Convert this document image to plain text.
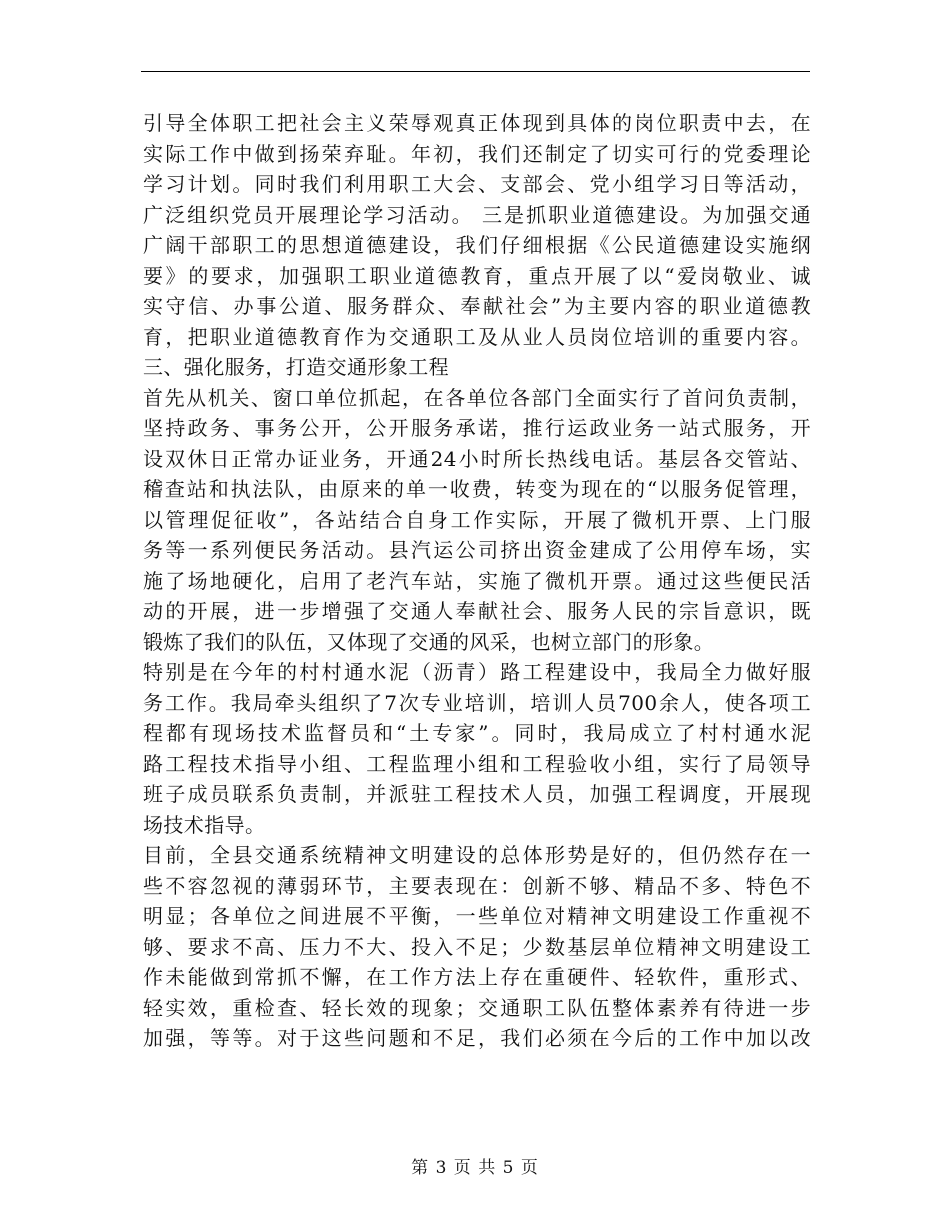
引导全体职工把社会主义荣辱观真正体现到具体的岗位职责中去，在
实际工作中做到扬荣弃耻。年初，我们还制定了切实可行的党委理论
学习计划。同时我们利用职工大会、支部会、党小组学习日等活动，
广泛组织党员开展理论学习活动。 三是抓职业道德建设。为加强交通
广阔干部职工的思想道德建设，我们仔细根据《公民道德建设实施纲
要》的要求，加强职工职业道德教育，重点开展了以“爱岗敬业、诚
实守信、办事公道、服务群众、奉献社会”为主要内容的职业道德教
育，把职业道德教育作为交通职工及从业人员岗位培训的重要内容。
三、强化服务，打造交通形象工程
首先从机关、窗口单位抓起，在各单位各部门全面实行了首问负责制，
坚持政务、事务公开，公开服务承诺，推行运政业务一站式服务，开
设双休日正常办证业务，开通24小时所长热线电话。基层各交管站、
稽查站和执法队，由原来的单一收费，转变为现在的“以服务促管理，
以管理促征收”，各站结合自身工作实际，开展了微机开票、上门服
务等一系列便民务活动。县汽运公司挤出资金建成了公用停车场，实
施了场地硬化，启用了老汽车站，实施了微机开票。通过这些便民活
动的开展，进一步增强了交通人奉献社会、服务人民的宗旨意识，既
锻炼了我们的队伍，又体现了交通的风采，也树立部门的形象。
特别是在今年的村村通水泥（沥青）路工程建设中，我局全力做好服
务工作。我局牵头组织了7次专业培训，培训人员700余人，使各项工
程都有现场技术监督员和“土专家”。同时，我局成立了村村通水泥
路工程技术指导小组、工程监理小组和工程验收小组，实行了局领导
班子成员联系负责制，并派驻工程技术人员，加强工程调度，开展现
场技术指导。
目前，全县交通系统精神文明建设的总体形势是好的，但仍然存在一
些不容忽视的薄弱环节，主要表现在：创新不够、精品不多、特色不
明显；各单位之间进展不平衡，一些单位对精神文明建设工作重视不
够、要求不高、压力不大、投入不足；少数基层单位精神文明建设工
作未能做到常抓不懈，在工作方法上存在重硬件、轻软件，重形式、
轻实效，重检查、轻长效的现象；交通职工队伍整体素养有待进一步
加强，等等。对于这些问题和不足，我们必须在今后的工作中加以改
第 3 页 共 5 页
